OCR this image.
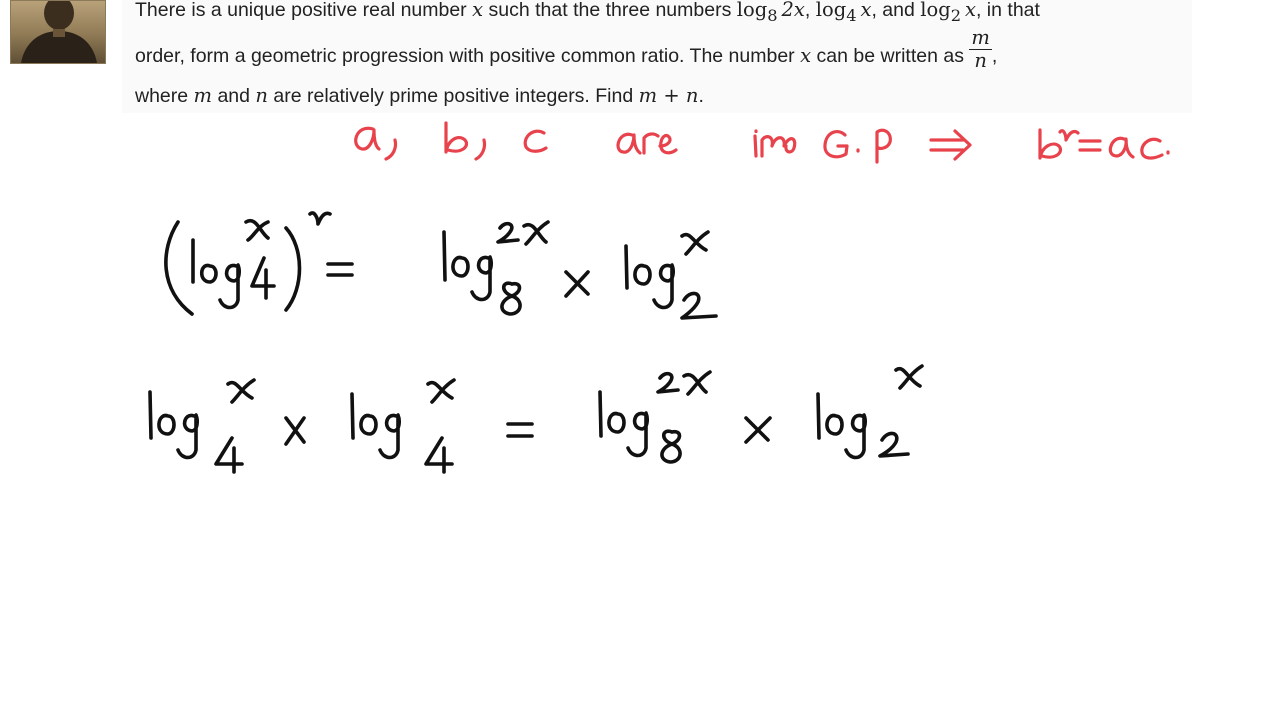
There is a unique positive real number x such that the three numbers $\log_8 2x$, $\log_4 x$, and $\log_2 x$, in that

order, form a geometric progression with positive common ratio. The number x can be written as $\frac{m}{n}$ ,

where m and n are relatively prime positive integers. Find m + n.
